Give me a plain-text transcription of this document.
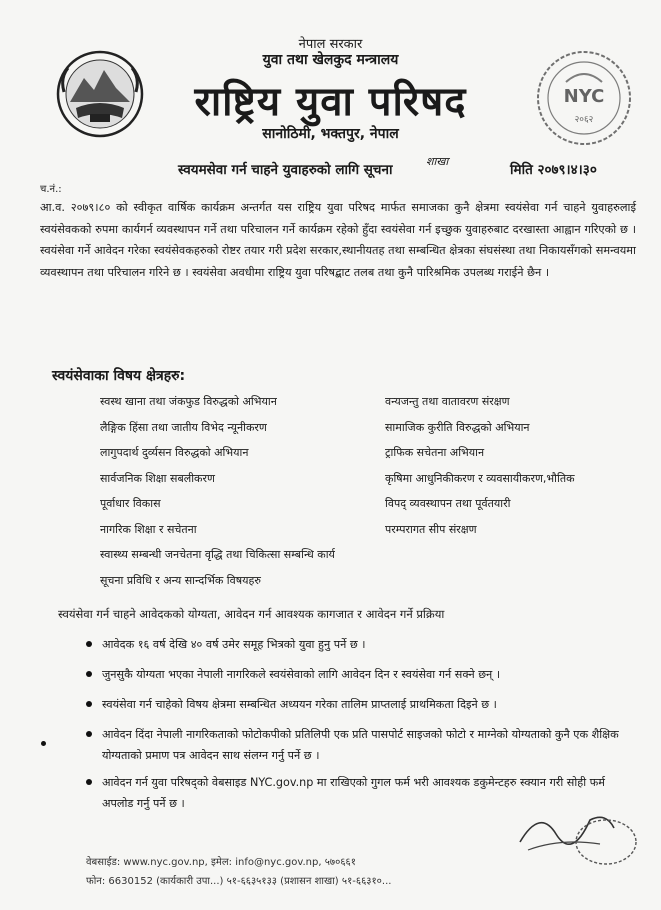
नेपाल सरकार
युवा तथा खेलकुद मन्त्रालय
राष्ट्रिय युवा परिषद
सानोठिमी, भक्तपुर, नेपाल
NYC
२०६२
शाखा
स्वयमसेवा गर्न चाहने युवाहरुको लागि सूचना	मिति २०७९।४।३०
च.नं.:
आ.व. २०७९।८० को स्वीकृत वार्षिक कार्यक्रम अन्तर्गत यस राष्ट्रिय युवा परिषद मार्फत समाजका कुनै क्षेत्रमा स्वयंसेवा गर्न चाहने युवाहरुलाई स्वयंसेवकको रुपमा कार्यगर्न व्यवस्थापन गर्ने तथा परिचालन गर्ने कार्यक्रम रहेको हुँदा स्वयंसेवा गर्न इच्छुक युवाहरुबाट दरखास्ता आह्वान गरिएको छ । स्वयंसेवा गर्ने आवेदन गरेका स्वयंसेवकहरुको रोष्टर तयार गरी प्रदेश सरकार,स्थानीयतह तथा सम्बन्धित क्षेत्रका संघसंस्था तथा निकायसँगको समन्वयमा व्यवस्थापन तथा परिचालन गरिने छ । स्वयंसेवा अवधीमा राष्ट्रिय युवा परिषद्बाट तलब तथा कुनै पारिश्रमिक उपलब्ध गराईने छैन ।
स्वयंसेवाका विषय क्षेत्रहरु:
स्वस्थ खाना तथा जंकफुड विरुद्धको अभियान	वन्यजन्तु तथा वातावरण संरक्षण
लैङ्गिक हिंसा तथा जातीय विभेद न्यूनीकरण	सामाजिक कुरीति विरुद्धको अभियान
लागुपदार्थ दुर्व्यसन विरुद्धको अभियान	ट्राफिक सचेतना अभियान
सार्वजनिक शिक्षा सबलीकरण	कृषिमा आधुनिकीकरण र व्यवसायीकरण,भौतिक
पूर्वाधार विकास	विपद् व्यवस्थापन तथा पूर्वतयारी
नागरिक शिक्षा र सचेतना	परम्परागत सीप संरक्षण
स्वास्थ्य सम्बन्धी जनचेतना वृद्धि तथा चिकित्सा सम्बन्धि कार्य
सूचना प्रविधि र अन्य सान्दर्भिक विषयहरु
स्वयंसेवा गर्न चाहने आवेदकको योग्यता, आवेदन गर्न आवश्यक कागजात र आवेदन गर्ने प्रक्रिया
आवेदक १६ वर्ष देखि ४० वर्ष उमेर समूह भित्रको युवा हुनु पर्ने छ ।
जुनसुकै योग्यता भएका नेपाली नागरिकले स्वयंसेवाको लागि आवेदन दिन र स्वयंसेवा गर्न सक्ने छन् ।
स्वयंसेवा गर्न चाहेको विषय क्षेत्रमा सम्बन्धित अध्ययन गरेका तालिम प्राप्तलाई प्राथमिकता दिइने छ ।
आवेदन दिंदा नेपाली नागरिकताको फोटोकपीको प्रतिलिपी एक प्रति पासपोर्ट साइजको फोटो र माग्नेको योग्यताको कुनै एक शैक्षिक योग्यताको प्रमाण पत्र आवेदन साथ संलग्न गर्नु पर्ने छ ।
आवेदन गर्न युवा परिषद्को वेबसाइड NYC.gov.np मा राखिएको गुगल फर्म भरी आवश्यक डकुमेन्टहरु स्क्यान गरी सोही फर्म अपलोड गर्नु पर्ने छ ।
वेबसाईड: www.nyc.gov.np, इमेल: info@nyc.gov.np, ५७०६६१
फोन: 6630152 (कार्यकारी उपा...) ५१-६६३५१३३ (प्रशासन शाखा) ५१-६६३१०...
